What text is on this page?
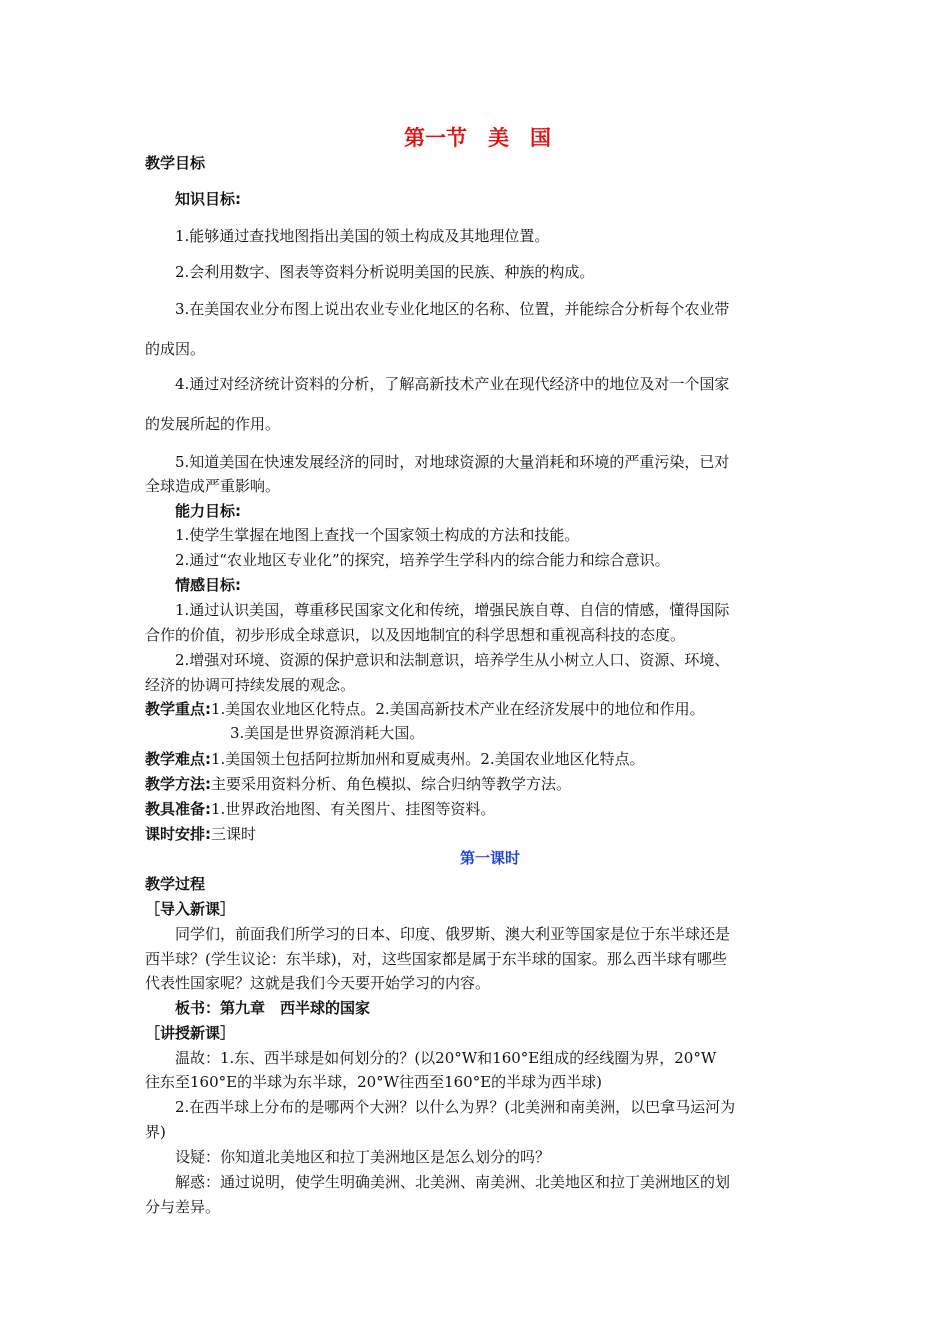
第一节　美　国
教学目标
知识目标:
1.能够通过查找地图指出美国的领土构成及其地理位置。
2.会利用数字、图表等资料分析说明美国的民族、种族的构成。
3.在美国农业分布图上说出农业专业化地区的名称、位置，并能综合分析每个农业带
的成因。
4.通过对经济统计资料的分析，了解高新技术产业在现代经济中的地位及对一个国家
的发展所起的作用。
5.知道美国在快速发展经济的同时，对地球资源的大量消耗和环境的严重污染，已对
全球造成严重影响。
能力目标:
1.使学生掌握在地图上查找一个国家领土构成的方法和技能。
2.通过“农业地区专业化”的探究，培养学生学科内的综合能力和综合意识。
情感目标:
1.通过认识美国，尊重移民国家文化和传统，增强民族自尊、自信的情感，懂得国际
合作的价值，初步形成全球意识，以及因地制宜的科学思想和重视高科技的态度。
2.增强对环境、资源的保护意识和法制意识，培养学生从小树立人口、资源、环境、
经济的协调可持续发展的观念。
教学重点:1.美国农业地区化特点。2.美国高新技术产业在经济发展中的地位和作用。
3.美国是世界资源消耗大国。
教学难点:1.美国领土包括阿拉斯加州和夏威夷州。2.美国农业地区化特点。
教学方法:主要采用资料分析、角色模拟、综合归纳等教学方法。
教具准备:1.世界政治地图、有关图片、挂图等资料。
课时安排:三课时
第一课时
教学过程
［导入新课］
同学们，前面我们所学习的日本、印度、俄罗斯、澳大利亚等国家是位于东半球还是
西半球？(学生议论：东半球)，对，这些国家都是属于东半球的国家。那么西半球有哪些
代表性国家呢？这就是我们今天要开始学习的内容。
板书：第九章　西半球的国家
［讲授新课］
温故：1.东、西半球是如何划分的？(以20°W和160°E组成的经线圈为界，20°W
往东至160°E的半球为东半球，20°W往西至160°E的半球为西半球)
2.在西半球上分布的是哪两个大洲？以什么为界？(北美洲和南美洲，以巴拿马运河为
界)
设疑：你知道北美地区和拉丁美洲地区是怎么划分的吗？
解惑：通过说明，使学生明确美洲、北美洲、南美洲、北美地区和拉丁美洲地区的划
分与差异。
